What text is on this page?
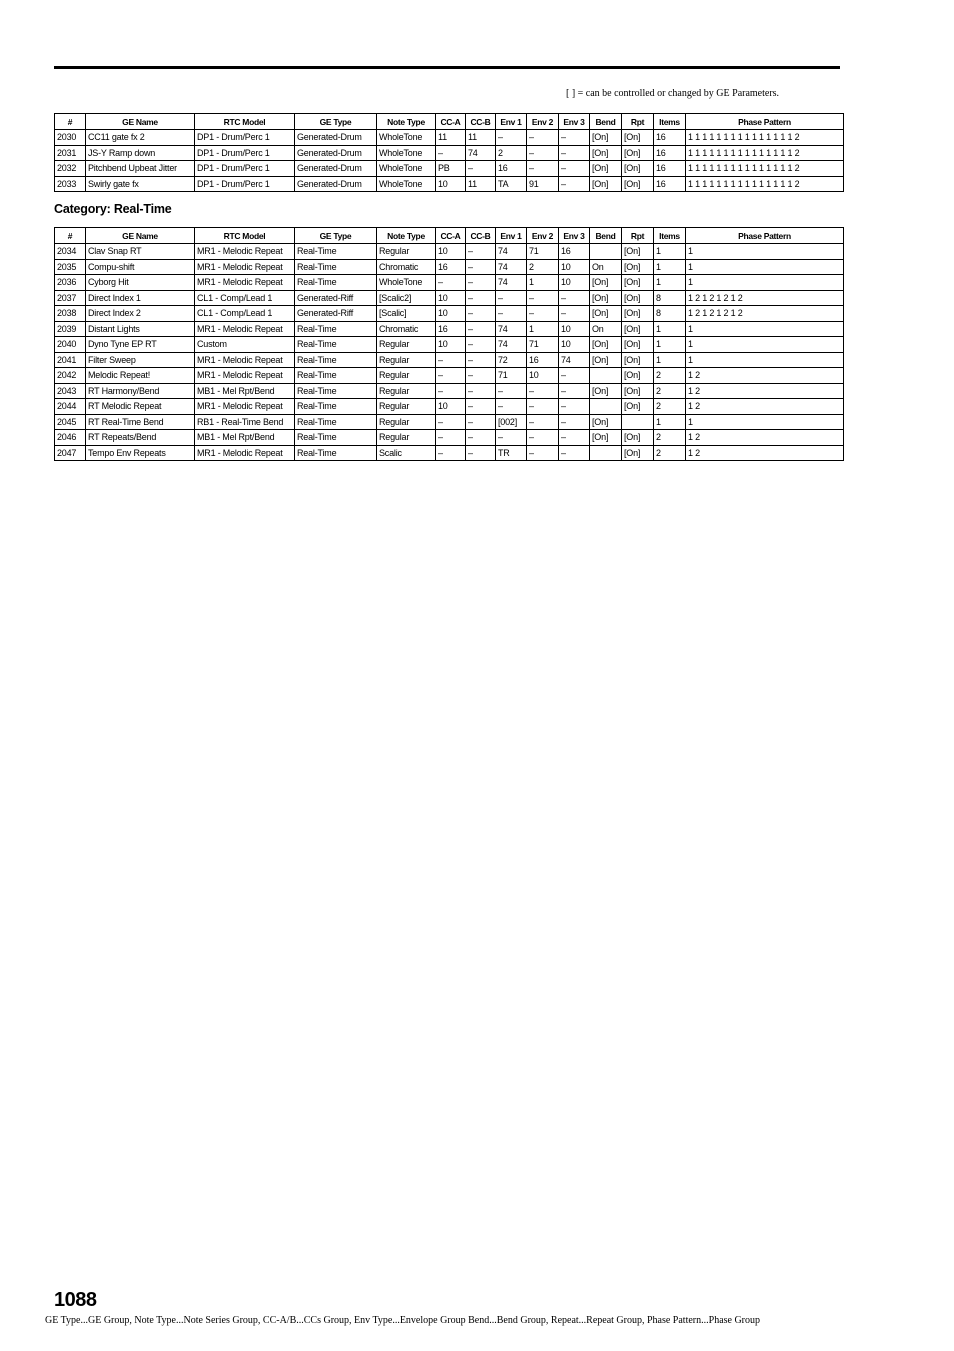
[ ] = can be controlled or changed by GE Parameters.
#	GE Name	RTC Model	GE Type	Note Type	CC-A	CC-B	Env 1	Env 2	Env 3	Bend	Rpt	Items	Phase Pattern
2030	CC11 gate fx 2	DP1 - Drum/Perc 1	Generated-Drum	WholeTone	11	11	–	–	–	[On]	[On]	16	1 1 1 1 1 1 1 1 1 1 1 1 1 1 1 2
2031	JS-Y Ramp down	DP1 - Drum/Perc 1	Generated-Drum	WholeTone	–	74	2	–	–	[On]	[On]	16	1 1 1 1 1 1 1 1 1 1 1 1 1 1 1 2
2032	Pitchbend Upbeat Jitter	DP1 - Drum/Perc 1	Generated-Drum	WholeTone	PB	–	16	–	–	[On]	[On]	16	1 1 1 1 1 1 1 1 1 1 1 1 1 1 1 2
2033	Swirly gate fx	DP1 - Drum/Perc 1	Generated-Drum	WholeTone	10	11	TA	91	–	[On]	[On]	16	1 1 1 1 1 1 1 1 1 1 1 1 1 1 1 2
Category: Real-Time
#	GE Name	RTC Model	GE Type	Note Type	CC-A	CC-B	Env 1	Env 2	Env 3	Bend	Rpt	Items	Phase Pattern
2034	Clav Snap RT	MR1 - Melodic Repeat	Real-Time	Regular	10	–	74	71	16		[On]	1	1
2035	Compu-shift	MR1 - Melodic Repeat	Real-Time	Chromatic	16	–	74	2	10	On	[On]	1	1
2036	Cyborg Hit	MR1 - Melodic Repeat	Real-Time	WholeTone	–	–	74	1	10	[On]	[On]	1	1
2037	Direct Index 1	CL1 - Comp/Lead 1	Generated-Riff	[Scalic2]	10	–	–	–	–	[On]	[On]	8	1 2 1 2 1 2 1 2
2038	Direct Index 2	CL1 - Comp/Lead 1	Generated-Riff	[Scalic]	10	–	–	–	–	[On]	[On]	8	1 2 1 2 1 2 1 2
2039	Distant Lights	MR1 - Melodic Repeat	Real-Time	Chromatic	16	–	74	1	10	On	[On]	1	1
2040	Dyno Tyne EP RT	Custom	Real-Time	Regular	10	–	74	71	10	[On]	[On]	1	1
2041	Filter Sweep	MR1 - Melodic Repeat	Real-Time	Regular	–	–	72	16	74	[On]	[On]	1	1
2042	Melodic Repeat!	MR1 - Melodic Repeat	Real-Time	Regular	–	–	71	10	–		[On]	2	1 2
2043	RT Harmony/Bend	MB1 - Mel Rpt/Bend	Real-Time	Regular	–	–	–	–	–	[On]	[On]	2	1 2
2044	RT Melodic Repeat	MR1 - Melodic Repeat	Real-Time	Regular	10	–	–	–	–		[On]	2	1 2
2045	RT Real-Time Bend	RB1 - Real-Time Bend	Real-Time	Regular	–	–	[002]	–	–	[On]		1	1
2046	RT Repeats/Bend	MB1 - Mel Rpt/Bend	Real-Time	Regular	–	–	–	–	–	[On]	[On]	2	1 2
2047	Tempo Env Repeats	MR1 - Melodic Repeat	Real-Time	Scalic	–	–	TR	–	–		[On]	2	1 2
1088
GE Type...GE Group, Note Type...Note Series Group, CC-A/B...CCs Group, Env Type...Envelope Group Bend...Bend Group, Repeat...Repeat Group, Phase Pattern...Phase Group
